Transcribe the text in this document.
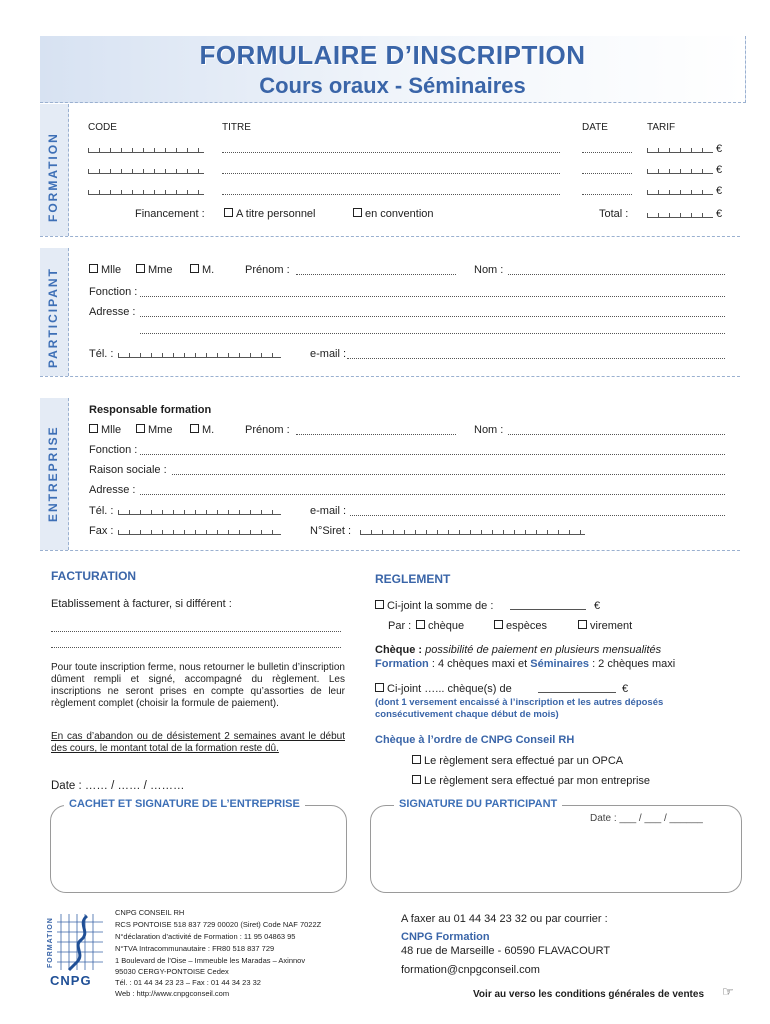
FORMULAIRE D’INSCRIPTION
Cours oraux - Séminaires
FORMATION
CODE	TITRE	DATE	TARIF
€
€
€
Financement :	A titre personnel	en convention	Total :	€
PARTICIPANT	Mlle	Mme	M.	Prénom :	Nom :
Fonction :
Adresse :
Tél. :	e-mail :
ENTREPRISE
Responsable formation
Mlle	Mme	M.	Prénom :	Nom :
Fonction :
Raison sociale :
Adresse :
Tél. :	e-mail :
Fax :	N°Siret :
FACTURATION
Etablissement à facturer, si différent :
Pour toute inscription ferme, nous retourner le bulletin d’inscription dûment rempli et signé, accompagné du règlement. Les inscriptions ne seront prises en compte qu’assorties de leur règlement complet (choisir la formule de paiement).
En cas d’abandon ou de désistement 2 semaines avant le début des cours, le montant total de la formation reste dû.
Date : …… / …… / ………
REGLEMENT
Ci-joint la somme de :	€
Par :	chèque	espèces	virement
Chèque : possibilité de paiement en plusieurs mensualités
Formation : 4 chèques maxi et Séminaires : 2 chèques maxi
Ci-joint …... chèque(s) de	€
(dont 1 versement encaissé à l’inscription et les autres déposés consécutivement chaque début de mois)
Chèque à l’ordre de CNPG Conseil RH
Le règlement sera effectué par un OPCA
Le règlement sera effectué par mon entreprise
CACHET ET SIGNATURE DE L’ENTREPRISE	SIGNATURE DU PARTICIPANT
Date : ___ / ___ / ______
FORMATION
CNPG
CNPG CONSEIL RH
RCS PONTOISE 518 837 729 00020 (Siret) Code NAF 7022Z
N°déclaration d’activité de Formation : 11 95 04863 95
N°TVA Intracommunautaire : FR80 518 837 729
1 Boulevard de l’Oise – Immeuble les Maradas – Axinnov
95030 CERGY-PONTOISE Cedex
Tél. : 01 44 34 23 23 – Fax : 01 44 34 23 32
Web : http://www.cnpgconseil.com
A faxer au 01 44 34 23 32 ou par courrier :
CNPG Formation
48 rue de Marseille - 60590 FLAVACOURT
formation@cnpgconseil.com
Voir au verso les conditions générales de ventes ☞
